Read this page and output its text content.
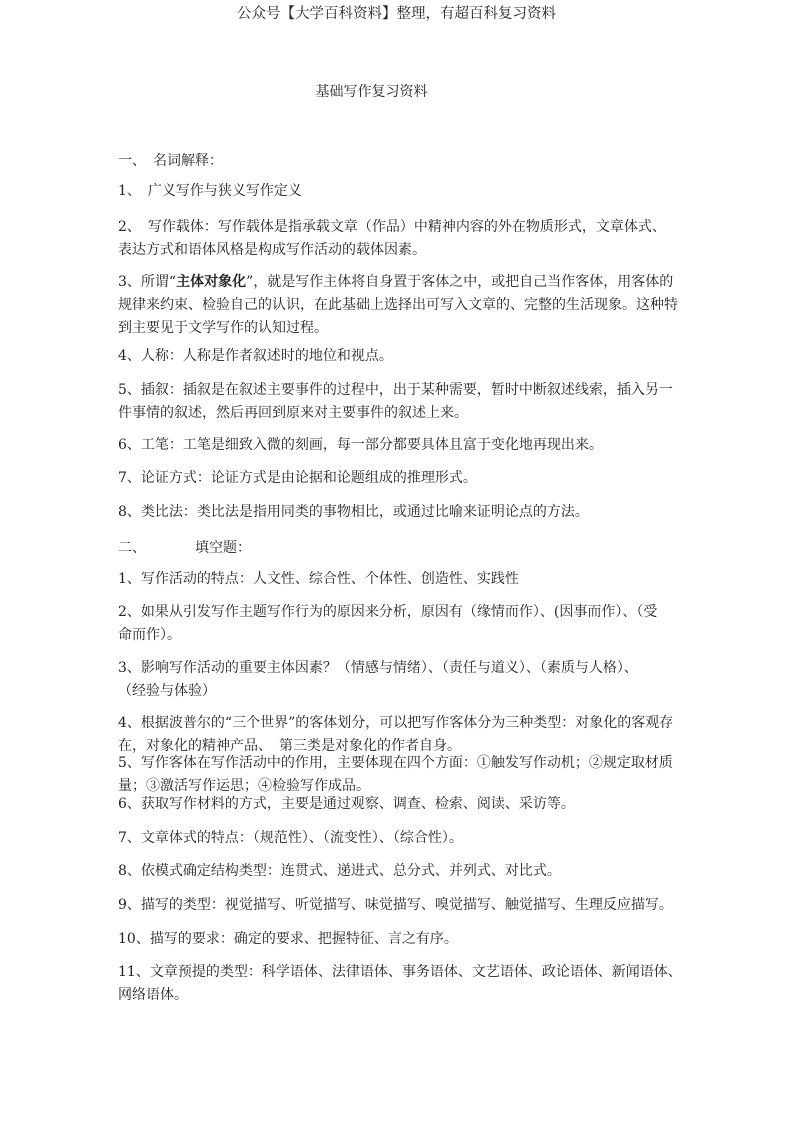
公众号【大学百科资料】整理，有超百科复习资料
基础写作复习资料
一、　名词解释：
1、　广义写作与狭义写作定义
2、　写作载体：写作载体是指承载文章（作品）中精神内容的外在物质形式，文章体式、
表达方式和语体风格是构成写作活动的载体因素。
3、所谓“主体对象化”，就是写作主体将自身置于客体之中，或把自己当作客体，用客体的
规律来约束、检验自己的认识，在此基础上选择出可写入文章的、完整的生活现象。这种特
到主要见于文学写作的认知过程。
4、人称：人称是作者叙述时的地位和视点。
5、插叙：插叙是在叙述主要事件的过程中，出于某种需要，暂时中断叙述线索，插入另一
件事情的叙述，然后再回到原来对主要事件的叙述上来。
6、工笔：工笔是细致入微的刻画，每一部分都要具体且富于变化地再现出来。
7、论证方式：论证方式是由论据和论题组成的推理形式。
8、类比法：类比法是指用同类的事物相比，或通过比喻来证明论点的方法。
二、　　　　填空题：
1、写作活动的特点：人文性、综合性、个体性、创造性、实践性
2、如果从引发写作主题写作行为的原因来分析，原因有（缘情而作）、(因事而作）、（受
命而作）。
3、影响写作活动的重要主体因素？（情感与情绪）、（责任与道义）、（素质与人格）、
（经验与体验）
4、根据波普尔的“三个世界”的客体划分，可以把写作客体分为三种类型：对象化的客观存
在，对象化的精神产品、　第三类是对象化的作者自身。
5、写作客体在写作活动中的作用，主要体现在四个方面：①触发写作动机；②规定取材质
量；③激活写作运思；④检验写作成品。
6、获取写作材料的方式，主要是通过观察、调查、检索、阅读、采访等。
7、文章体式的特点：（规范性）、（流变性）、（综合性）。
8、依模式确定结构类型：连贯式、递进式、总分式、并列式、对比式。
9、描写的类型：视觉描写、听觉描写、味觉描写、嗅觉描写、触觉描写、生理反应描写。
10、描写的要求：确定的要求、把握特征、言之有序。
11、文章预提的类型：科学语体、法律语体、事务语体、文艺语体、政论语体、新闻语体、
网络语体。
